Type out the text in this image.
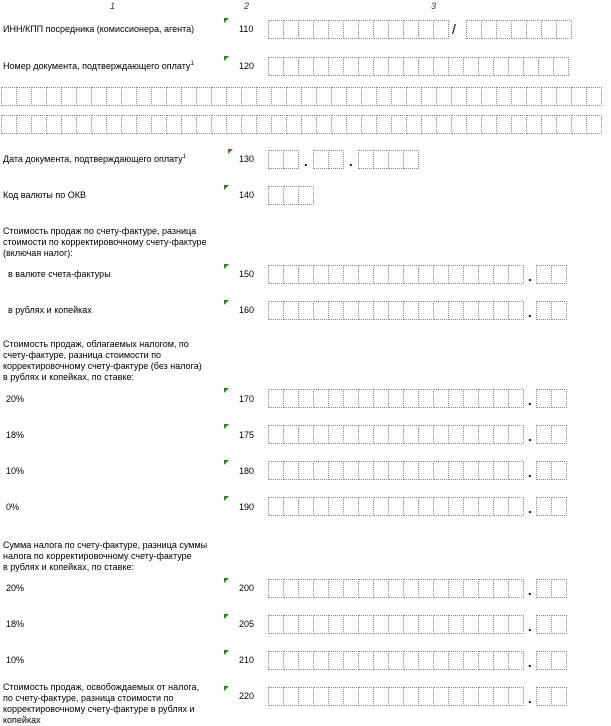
1	2	3
ИНН/КПП посредника (комиссионера, агента)	110	/
Номер документа, подтверждающего оплату$^1$	120
Дата документа, подтверждающего оплату$^1$	130	.	.
Код валюты по ОКВ	140
Стоимость продаж по счету-фактуре, разница
стоимости по корректировочному счету-фактуре
(включая налог):
в валюте счета-фактуры	150	.
в рублях и копейках	160	.
Стоимость продаж, облагаемых налогом, по
счету-фактуре, разница стоимости по
корректировочному счету-фактуре (без налога)
в рублях и копейках, по ставке:
20%	170	.
18%	175	.
10%	180	.
0%	190	.
Сумма налога по счету-фактуре, разница суммы
налога по корректировочному счету-фактуре
в рублях и копейках, по ставке:
20%	200	.
18%	205	.
10%	210	.
Стоимость продаж, освобождаемых от налога,
по счету-фактуре, разница стоимости по
корректировочному счету-фактуре в рублях и
копейках
220	.
